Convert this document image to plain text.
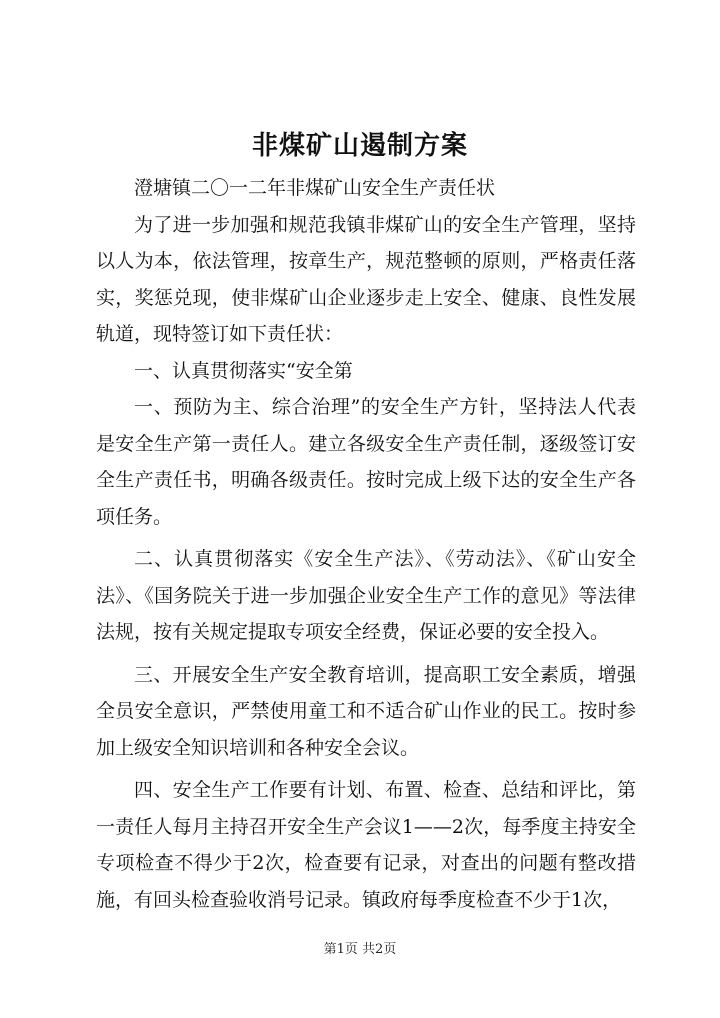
非煤矿山遏制方案

澄塘镇二〇一二年非煤矿山安全生产责任状

为了进一步加强和规范我镇非煤矿山的安全生产管理，坚持以人为本，依法管理，按章生产，规范整顿的原则，严格责任落实，奖惩兑现，使非煤矿山企业逐步走上安全、健康、良性发展轨道，现特签订如下责任状：

一、认真贯彻落实“安全第

一、预防为主、综合治理”的安全生产方针，坚持法人代表是安全生产第一责任人。建立各级安全生产责任制，逐级签订安全生产责任书，明确各级责任。按时完成上级下达的安全生产各项任务。

二、认真贯彻落实《安全生产法》、《劳动法》、《矿山安全法》、《国务院关于进一步加强企业安全生产工作的意见》等法律法规，按有关规定提取专项安全经费，保证必要的安全投入。

三、开展安全生产安全教育培训，提高职工安全素质，增强全员安全意识，严禁使用童工和不适合矿山作业的民工。按时参加上级安全知识培训和各种安全会议。

四、安全生产工作要有计划、布置、检查、总结和评比，第一责任人每月主持召开安全生产会议1——2次，每季度主持安全专项检查不得少于2次，检查要有记录，对查出的问题有整改措施，有回头检查验收消号记录。镇政府每季度检查不少于1次，

第1页 共2页
